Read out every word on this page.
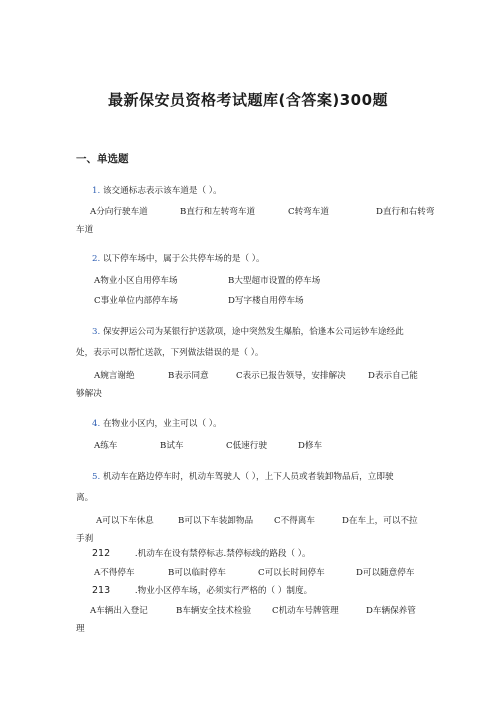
最新保安员资格考试题库(含答案)300题
一、单选题
1. 该交通标志表示该车道是（ ）。
A分向行驶车道	B直行和左转弯车道	C转弯车道	D直行和右转弯
车道
2. 以下停车场中，属于公共停车场的是（ ）。
A物业小区自用停车场	B大型超市设置的停车场
C事业单位内部停车场	D写字楼自用停车场
3. 保安押运公司为某银行护送款项，途中突然发生爆胎，恰逢本公司运钞车途经此
处，表示可以帮忙送款，下列做法错误的是（ ）。
A婉言谢绝	B表示同意	C表示已报告领导，安排解决	D表示自己能
够解决
4. 在物业小区内，业主可以（ ）。
A练车	B试车	C低速行驶	D修车
5. 机动车在路边停车时，机动车驾驶人（ ），上下人员或者装卸物品后，立即驶
离。
A可以下车休息	B可以下车装卸物品 C不得离车	D在车上，可以不拉
手刹
212	.机动车在设有禁停标志.禁停标线的路段（ ）。
A不得停车	B可以临时停车	C可以长时间停车	D可以随意停车
213	.物业小区停车场，必须实行严格的（ ）制度。
A车辆出入登记	B车辆安全技术检验 C机动车号牌管理	D车辆保养管
理
